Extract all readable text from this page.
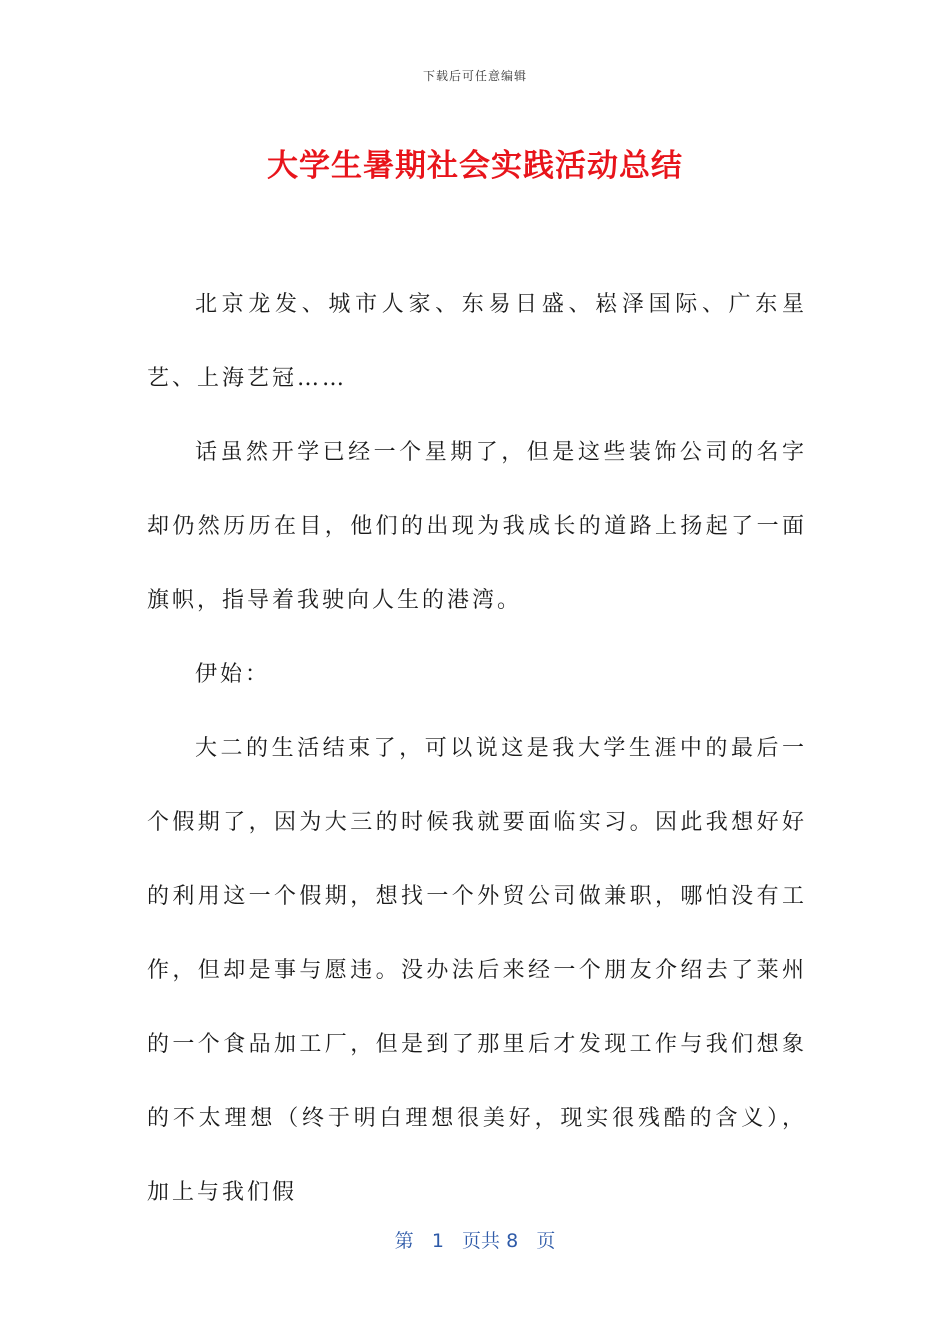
下载后可任意编辑
大学生暑期社会实践活动总结

北京龙发、城市人家、东易日盛、崧泽国际、广东星艺、上海艺冠……

话虽然开学已经一个星期了，但是这些装饰公司的名字却仍然历历在目，他们的出现为我成长的道路上扬起了一面旗帜，指导着我驶向人生的港湾。

伊始：

大二的生活结束了，可以说这是我大学生涯中的最后一个假期了，因为大三的时候我就要面临实习。因此我想好好的利用这一个假期，想找一个外贸公司做兼职，哪怕没有工作，但却是事与愿违。没办法后来经一个朋友介绍去了莱州的一个食品加工厂，但是到了那里后才发现工作与我们想象的不太理想（终于明白理想很美好，现实很残酷的含义），加上与我们假

第 1 页共 8 页
